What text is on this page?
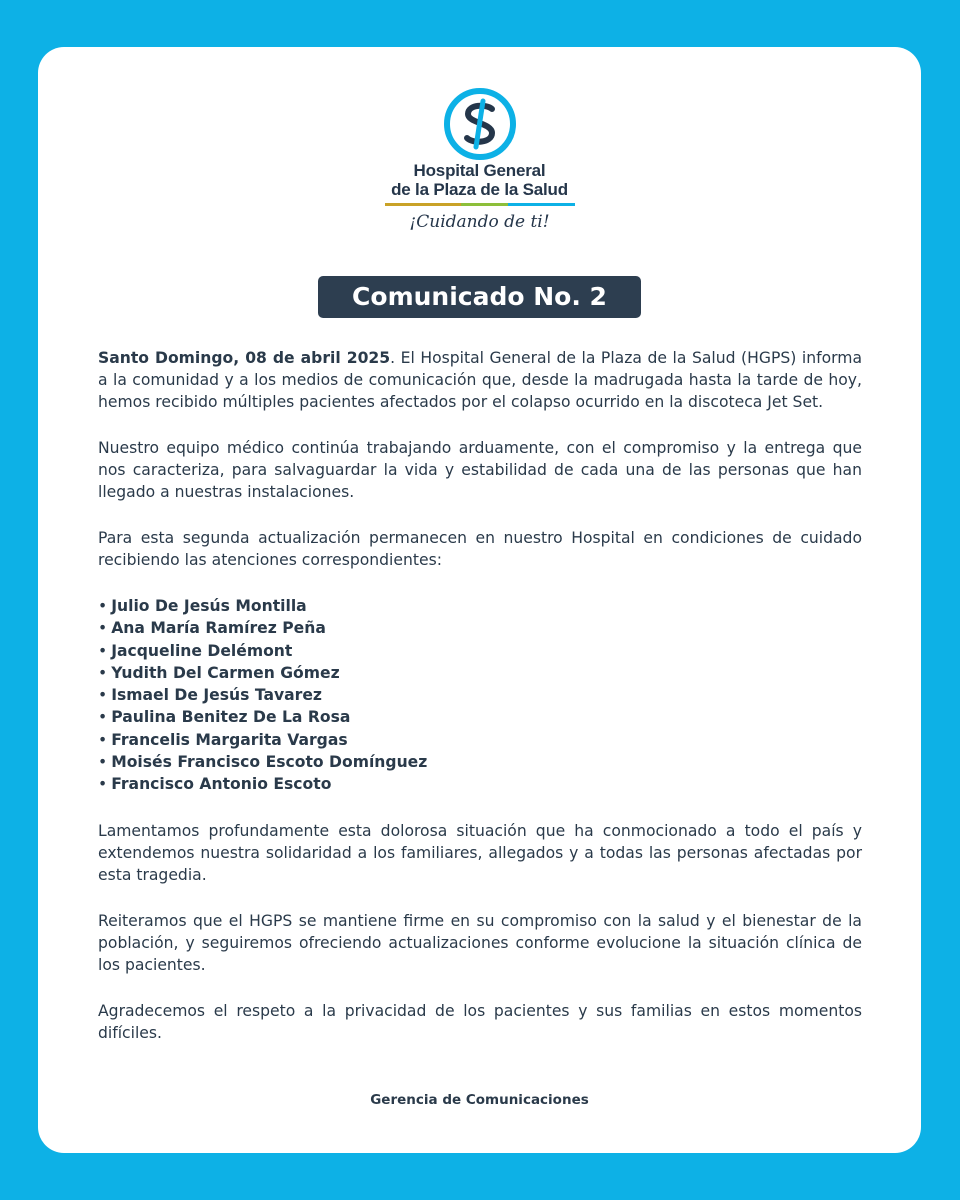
Hospital General
de la Plaza de la Salud
¡Cuidando de ti!
Comunicado No. 2

Santo Domingo, 08 de abril 2025. El Hospital General de la Plaza de la Salud (HGPS) informa a la comunidad y a los medios de comunicación que, desde la madrugada hasta la tarde de hoy, hemos recibido múltiples pacientes afectados por el colapso ocurrido en la discoteca Jet Set.

Nuestro equipo médico continúa trabajando arduamente, con el compromiso y la entrega que nos caracteriza, para salvaguardar la vida y estabilidad de cada una de las personas que han llegado a nuestras instalaciones.

Para esta segunda actualización permanecen en nuestro Hospital en condiciones de cuidado recibiendo las atenciones correspondientes:

• Julio De Jesús Montilla
• Ana María Ramírez Peña
• Jacqueline Delémont
• Yudith Del Carmen Gómez
• Ismael De Jesús Tavarez
• Paulina Benitez De La Rosa
• Francelis Margarita Vargas
• Moisés Francisco Escoto Domínguez
• Francisco Antonio Escoto

Lamentamos profundamente esta dolorosa situación que ha conmocionado a todo el país y extendemos nuestra solidaridad a los familiares, allegados y a todas las personas afectadas por esta tragedia.

Reiteramos que el HGPS se mantiene firme en su compromiso con la salud y el bienestar de la población, y seguiremos ofreciendo actualizaciones conforme evolucione la situación clínica de los pacientes.

Agradecemos el respeto a la privacidad de los pacientes y sus familias en estos momentos difíciles.

Gerencia de Comunicaciones
